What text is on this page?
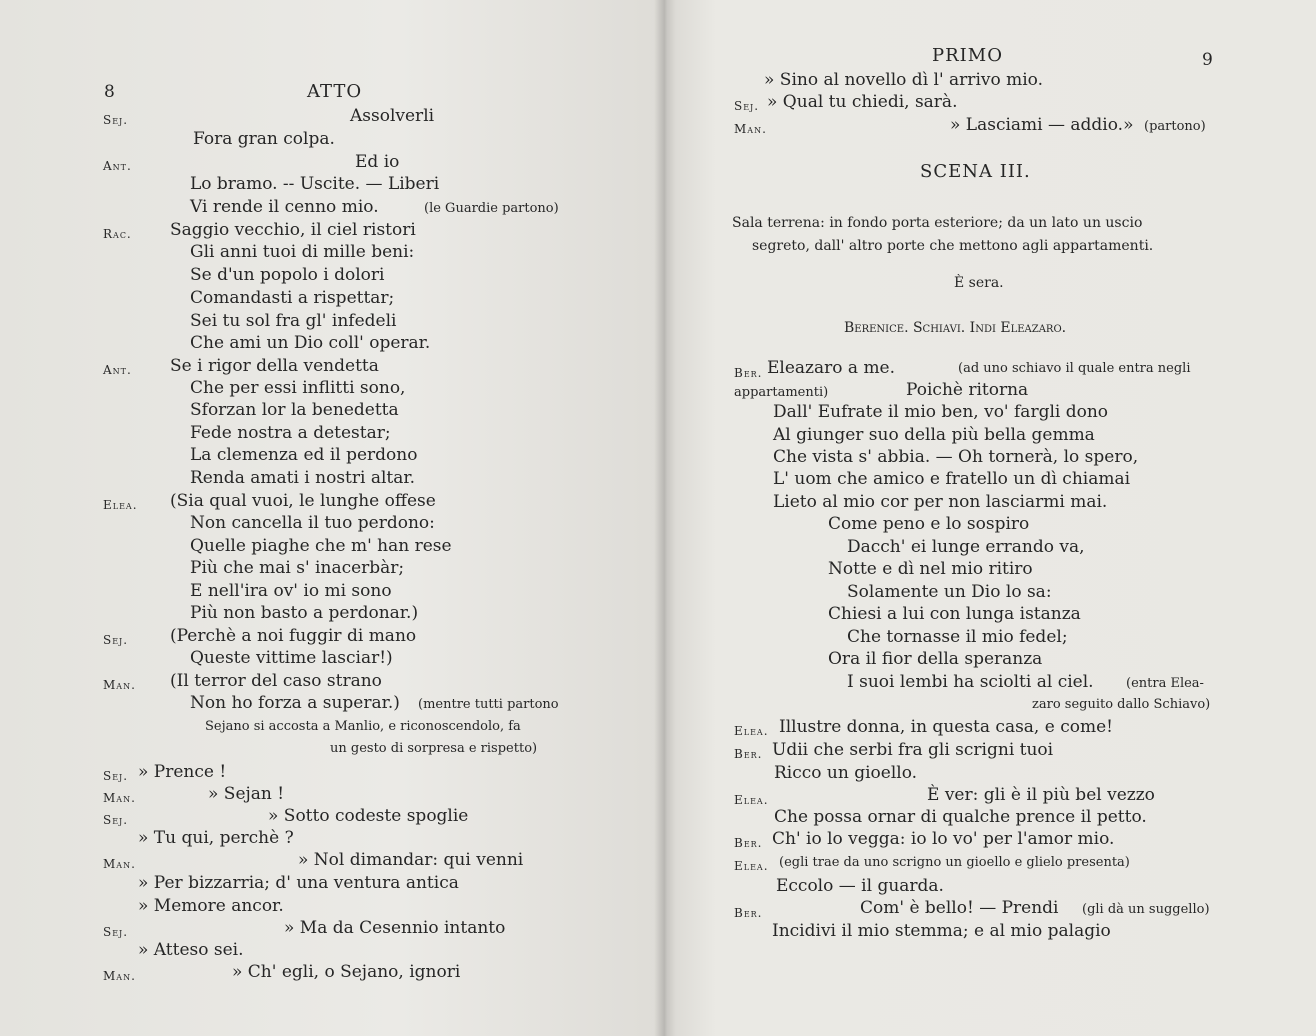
8	ATTO
Sej.	Assolverli
Fora gran colpa.
Ant.	Ed io
Lo bramo. -- Uscite. — Liberi
Vi rende il cenno mio.	(le Guardie partono)
Rac. Saggio vecchio, il ciel ristori
Gli anni tuoi di mille beni:
Se d'un popolo i dolori
Comandasti a rispettar;
Sei tu sol fra gl' infedeli
Che ami un Dio coll' operar.
Ant. Se i rigor della vendetta
Che per essi inflitti sono,
Sforzan lor la benedetta
Fede nostra a detestar;
La clemenza ed il perdono
Renda amati i nostri altar.
Elea. (Sia qual vuoi, le lunghe offese
Non cancella il tuo perdono:
Quelle piaghe che m' han rese
Più che mai s' inacerbàr;
E nell'ira ov' io mi sono
Più non basto a perdonar.)
Sej. (Perchè a noi fuggir di mano
Queste vittime lasciar!)
Man. (Il terror del caso strano
Non ho forza a superar.) (mentre tutti partono
Sejano si accosta a Manlio, e riconoscendolo, fa
un gesto di sorpresa e rispetto)
Sej. » Prence !
Man.	» Sejan !
Sej.	» Sotto codeste spoglie
» Tu qui, perchè ?
Man.	» Nol dimandar: qui venni
» Per bizzarria; d' una ventura antica
» Memore ancor.
Sej.	» Ma da Cesennio intanto
» Atteso sei.
Man.	» Ch' egli, o Sejano, ignori
PRIMO	9
» Sino al novello dì l' arrivo mio.
Sej. » Qual tu chiedi, sarà.
Man.	» Lasciami — addio.» (partono)
SCENA III.
Sala terrena: in fondo porta esteriore; da un lato un uscio
segreto, dall' altro porte che mettono agli appartamenti.
È sera.
Berenice. Schiavi. Indi Eleazaro.
Ber. Eleazaro a me.	(ad uno schiavo il quale entra negli
appartamenti)	Poichè ritorna
Dall' Eufrate il mio ben, vo' fargli dono
Al giunger suo della più bella gemma
Che vista s' abbia. — Oh tornerà, lo spero,
L' uom che amico e fratello un dì chiamai
Lieto al mio cor per non lasciarmi mai.
Come peno e lo sospiro
Dacch' ei lunge errando va,
Notte e dì nel mio ritiro
Solamente un Dio lo sa:
Chiesi a lui con lunga istanza
Che tornasse il mio fedel;
Ora il fior della speranza
I suoi lembi ha sciolti al ciel. (entra Elea-
zaro seguito dallo Schiavo)
Elea. Illustre donna, in questa casa, e come!
Ber. Udii che serbi fra gli scrigni tuoi
Ricco un gioello.
Elea.	È ver: gli è il più bel vezzo
Che possa ornar di qualche prence il petto.
Ber. Ch' io lo vegga: io lo vo' per l'amor mio.
Elea. (egli trae da uno scrigno un gioello e glielo presenta)
Eccolo — il guarda.
Ber.	Com' è bello! — Prendi (gli dà un suggello)
Incidivi il mio stemma; e al mio palagio
